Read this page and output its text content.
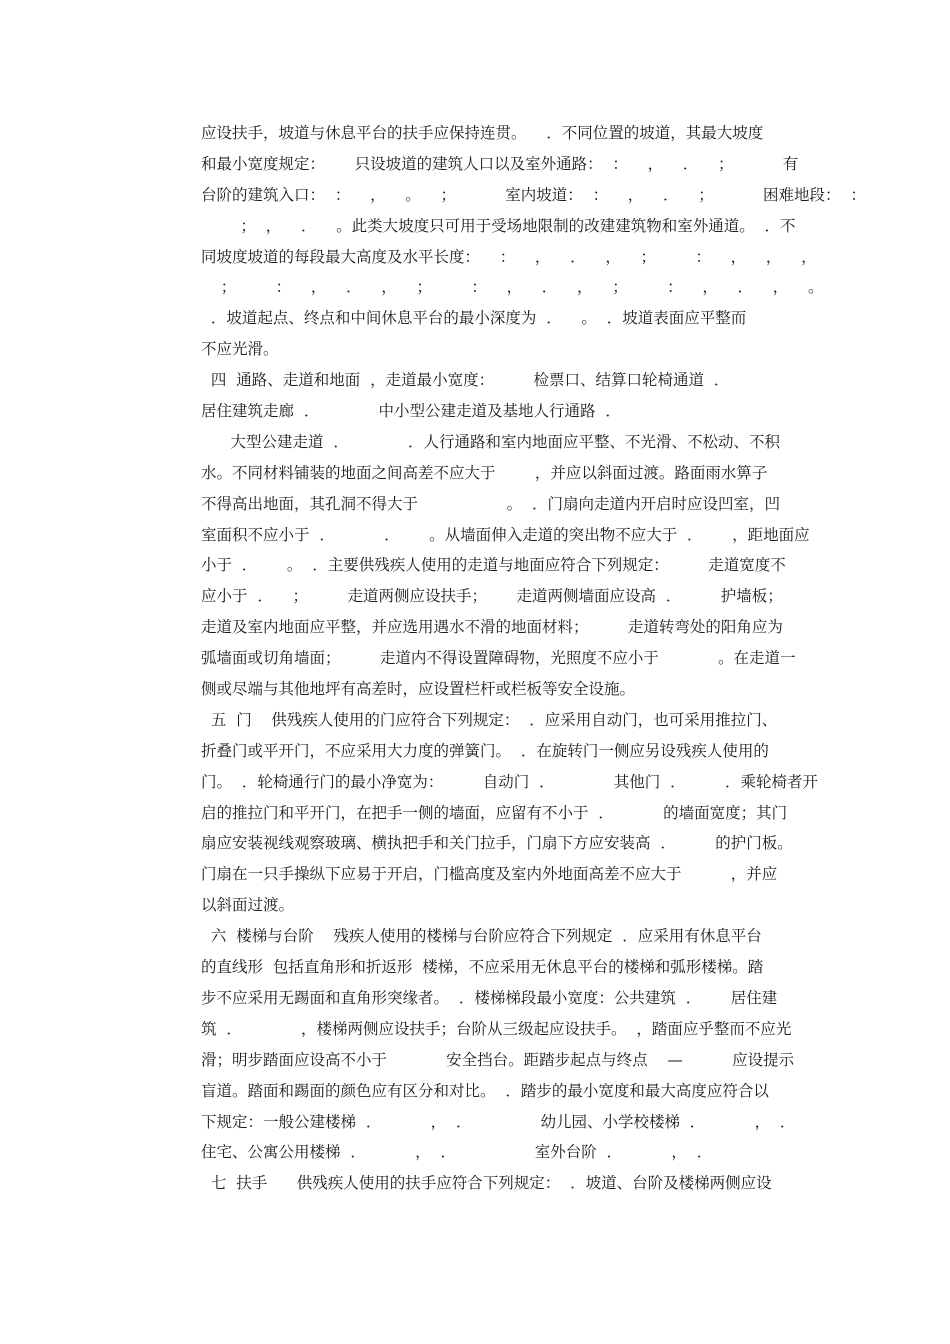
应设扶手，坡道与休息平台的扶手应保持连贯。    ．不同位置的坡道，其最大坡度
和最小宽度规定：      只设坡道的建筑人口以及室外通路：  ：    ，    ．    ；          有
台阶的建筑入口：  ：    ，    。    ；          室内坡道：  ：    ，    ．    ；          困难地段：  ：
；  ，    ．    。此类大坡度只可用于受场地限制的改建建筑物和室外通道。  ．不
同坡度坡道的每段最大高度及水平长度：    ：    ，    ．    ，    ；        ：    ，    ，    ，
；        ：    ，    ．    ，    ；        ：    ，    ．    ，    ；        ：    ，    ．    ，    。
．坡道起点、终点和中间休息平台的最小深度为  ．    。  ．坡道表面应平整而
不应光滑。
四  通路、走道和地面  ，走道最小宽度：        检票口、结算口轮椅通道  ．
居住建筑走廊  ．            中小型公建走道及基地人行通路  ．
大型公建走道  ．            ．人行通路和室内地面应平整、不光滑、不松动、不积
水。不同材料铺装的地面之间高差不应大于        ，并应以斜面过渡。路面雨水箅子
不得高出地面，其孔洞不得大于                  。  ．门扇向走道内开启时应设凹室，凹
室面积不应小于  ．          ．      。从墙面伸入走道的突出物不应大于  ．      ，距地面应
小于  ．      。  ．主要供残疾人使用的走道与地面应符合下列规定：        走道宽度不
应小于  ．    ；        走道两侧应设扶手；      走道两侧墙面应设高  ．        护墙板；
走道及室内地面应平整，并应选用遇水不滑的地面材料；        走道转弯处的阳角应为
弧墙面或切角墙面；        走道内不得设置障碍物，光照度不应小于            。在走道一
侧或尽端与其他地坪有高差时，应设置栏杆或栏板等安全设施。
五  门    供残疾人使用的门应符合下列规定：  ．应采用自动门，也可采用推拉门、
折叠门或平开门，不应采用大力度的弹簧门。  ．在旋转门一侧应另设残疾人使用的
门。  ．轮椅通行门的最小净宽为：        自动门  ．            其他门  ．        ．乘轮椅者开
启的推拉门和平开门，在把手一侧的墙面，应留有不小于  ．          的墙面宽度；其门
扇应安装视线观察玻璃、横执把手和关门拉手，门扇下方应安装高  ．        的护门板。
门扇在一只手操纵下应易于开启，门槛高度及室内外地面高差不应大于          ，并应
以斜面过渡。
六  楼梯与台阶    残疾人使用的楼梯与台阶应符合下列规定  ．应采用有休息平台
的直线形  包括直角形和折返形  楼梯，不应采用无休息平台的楼梯和弧形楼梯。踏
步不应采用无踢面和直角形突缘者。  ．楼梯梯段最小宽度：公共建筑  ．      居住建
筑  ．            ，楼梯两侧应设扶手；台阶从三级起应设扶手。  ，踏面应乎整而不应光
滑；明步踏面应设高不小于            安全挡台。距踏步起点与终点    —          应设提示
盲道。踏面和踢面的颜色应有区分和对比。  ．踏步的最小宽度和最大高度应符合以
下规定：一般公建楼梯  ．          ，  ．              幼儿园、小学校楼梯  ．          ，  ．
住宅、公寓公用楼梯  ．          ，  ．                室外台阶  ．          ，  ．
七  扶手      供残疾人使用的扶手应符合下列规定：  ．坡道、台阶及楼梯两侧应设
